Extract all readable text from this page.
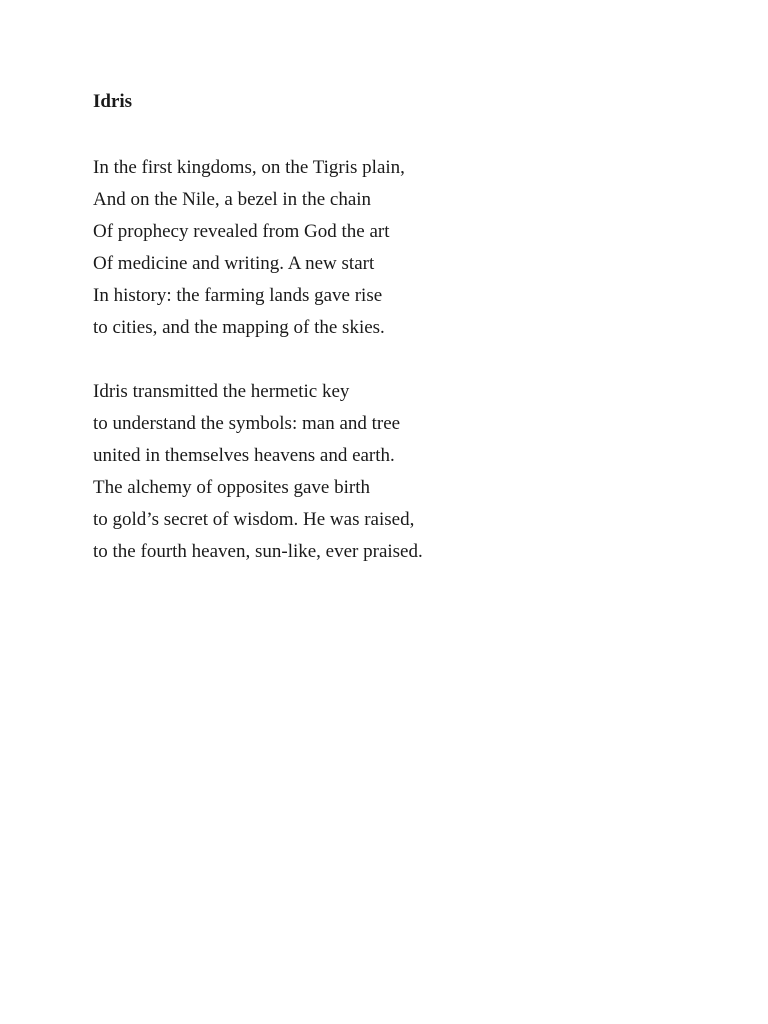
Idris
In the first kingdoms, on the Tigris plain,
And on the Nile, a bezel in the chain
Of prophecy revealed from God the art
Of medicine and writing. A new start
In history: the farming lands gave rise
to cities, and the mapping of the skies.
Idris transmitted the hermetic key
to understand the symbols: man and tree
united in themselves heavens and earth.
The alchemy of opposites gave birth
to gold’s secret of wisdom. He was raised,
to the fourth heaven, sun-like, ever praised.
